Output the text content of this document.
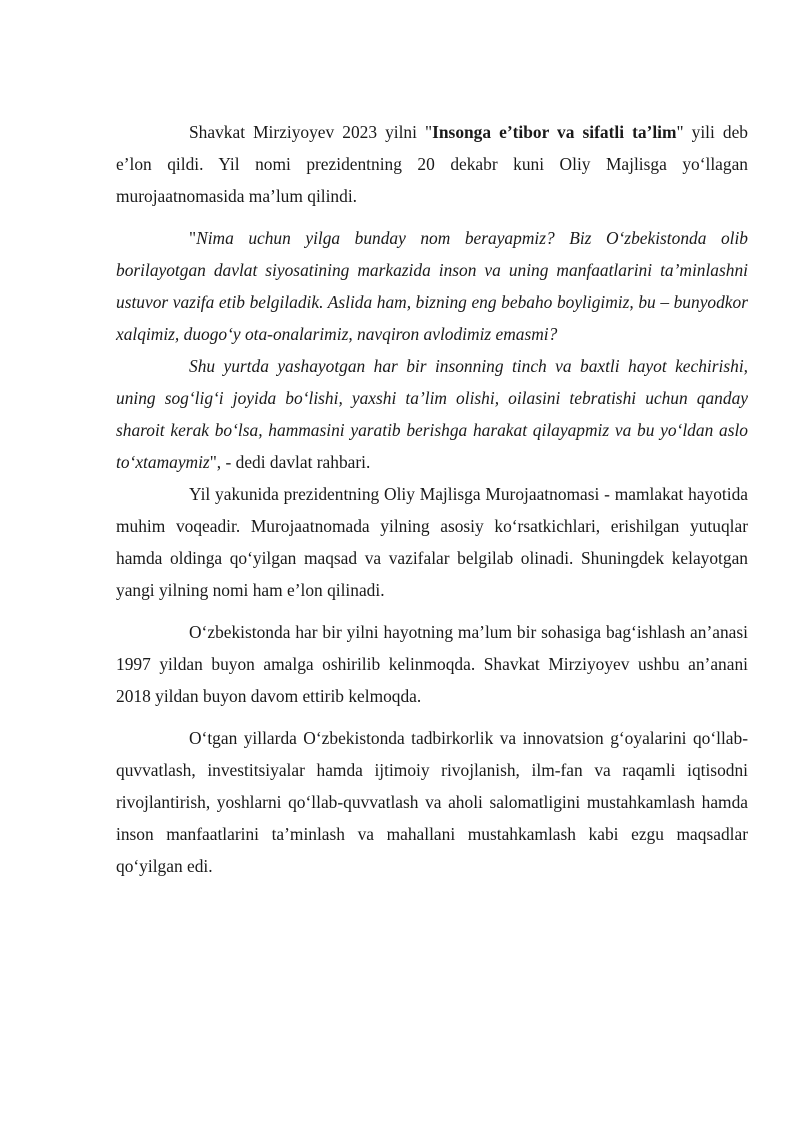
Shavkat Mirziyoyev 2023 yilni "Insonga e’tibor va sifatli ta’lim" yili deb e’lon qildi. Yil nomi prezidentning 20 dekabr kuni Oliy Majlisga yo‘llagan murojaatnomasida ma’lum qilindi.

"Nima uchun yilga bunday nom berayapmiz? Biz O‘zbekistonda olib borilayotgan davlat siyosatining markazida inson va uning manfaatlarini ta’minlashni ustuvor vazifa etib belgiladik. Aslida ham, bizning eng bebaho boyligimiz, bu – bunyodkor xalqimiz, duogo‘y ota-onalarimiz, navqiron avlodimiz emasmi?

Shu yurtda yashayotgan har bir insonning tinch va baxtli hayot kechirishi, uning sog‘lig‘i joyida bo‘lishi, yaxshi ta’lim olishi, oilasini tebratishi uchun qanday sharoit kerak bo‘lsa, hammasini yaratib berishga harakat qilayapmiz va bu yo‘ldan aslo to‘xtamaymiz", - dedi davlat rahbari.

Yil yakunida prezidentning Oliy Majlisga Murojaatnomasi - mamlakat hayotida muhim voqeadir. Murojaatnomada yilning asosiy ko‘rsatkichlari, erishilgan yutuqlar hamda oldinga qo‘yilgan maqsad va vazifalar belgilab olinadi. Shuningdek kelayotgan yangi yilning nomi ham e’lon qilinadi.

O‘zbekistonda har bir yilni hayotning ma’lum bir sohasiga bag‘ishlash an’anasi 1997 yildan buyon amalga oshirilib kelinmoqda. Shavkat Mirziyoyev ushbu an’anani 2018 yildan buyon davom ettirib kelmoqda.

O‘tgan yillarda O‘zbekistonda tadbirkorlik va innovatsion g‘oyalarini qo‘llab-quvvatlash, investitsiyalar hamda ijtimoiy rivojlanish, ilm-fan va raqamli iqtisodni rivojlantirish, yoshlarni qo‘llab-quvvatlash va aholi salomatligini mustahkamlash hamda inson manfaatlarini ta’minlash va mahallani mustahkamlash kabi ezgu maqsadlar qo‘yilgan edi.
